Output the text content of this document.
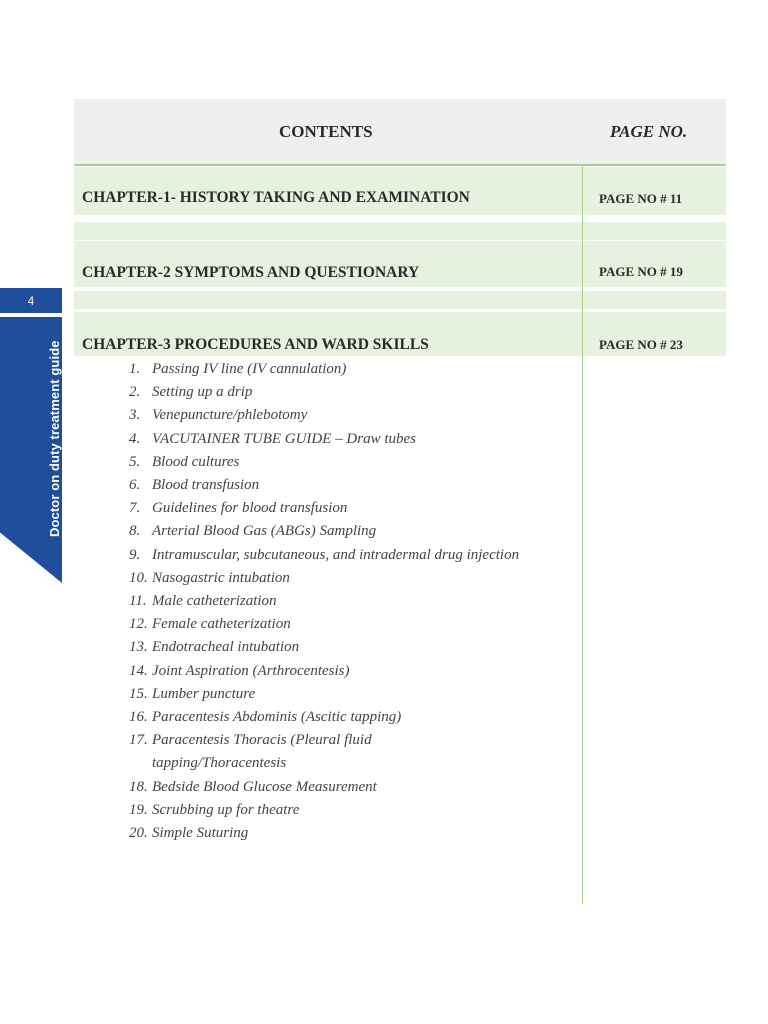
4
Doctor on duty treatment guide
CONTENTS	PAGE NO.
CHAPTER-1- HISTORY TAKING AND EXAMINATION	PAGE NO # 11
CHAPTER-2 SYMPTOMS AND QUESTIONARY	PAGE NO # 19
CHAPTER-3 PROCEDURES AND WARD SKILLS	PAGE NO # 23
1. Passing IV line (IV cannulation)
2. Setting up a drip
3. Venepuncture/phlebotomy
4. VACUTAINER TUBE GUIDE – Draw tubes
5. Blood cultures
6. Blood transfusion
7. Guidelines for blood transfusion
8. Arterial Blood Gas (ABGs) Sampling
9. Intramuscular, subcutaneous, and intradermal drug injection
10. Nasogastric intubation
11. Male catheterization
12. Female catheterization
13. Endotracheal intubation
14. Joint Aspiration (Arthrocentesis)
15. Lumber puncture
16. Paracentesis Abdominis (Ascitic tapping)
17. Paracentesis Thoracis (Pleural fluid tapping/Thoracentesis
18. Bedside Blood Glucose Measurement
19. Scrubbing up for theatre
20. Simple Suturing
